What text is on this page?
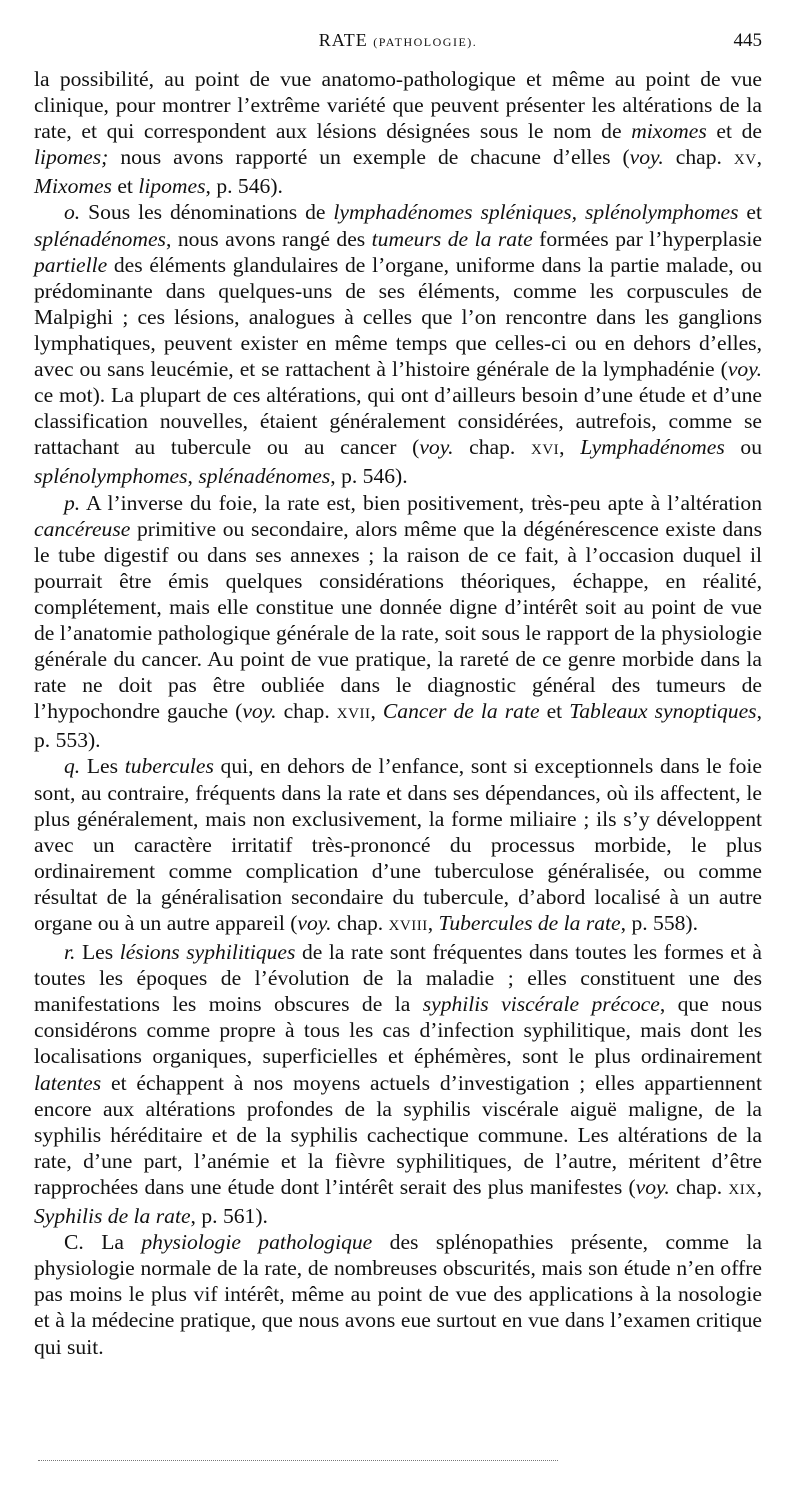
RATE (PATHOLOGIE).	445

la possibilité, au point de vue anatomo-pathologique et même au point de vue clinique, pour montrer l’extrême variété que peuvent présenter les altérations de la rate, et qui correspondent aux lésions désignées sous le nom de mixomes et de lipomes; nous avons rapporté un exemple de chacune d’elles (voy. chap. XV, Mixomes et lipomes, p. 546).

o. Sous les dénominations de lymphadénomes spléniques, splénolymphomes et splénadénomes, nous avons rangé des tumeurs de la rate formées par l’hyperplasie partielle des éléments glandulaires de l’organe, uniforme dans la partie malade, ou prédominante dans quelques-uns de ses éléments, comme les corpuscules de Malpighi ; ces lésions, analogues à celles que l’on rencontre dans les ganglions lymphatiques, peuvent exister en même temps que celles-ci ou en dehors d’elles, avec ou sans leucémie, et se rattachent à l’histoire générale de la lymphadénie (voy. ce mot). La plupart de ces altérations, qui ont d’ailleurs besoin d’une étude et d’une classification nouvelles, étaient généralement considérées, autrefois, comme se rattachant au tubercule ou au cancer (voy. chap. XVI, Lymphadénomes ou splénolymphomes, splénadénomes, p. 546).

p. A l’inverse du foie, la rate est, bien positivement, très-peu apte à l’altération cancéreuse primitive ou secondaire, alors même que la dégénérescence existe dans le tube digestif ou dans ses annexes ; la raison de ce fait, à l’occasion duquel il pourrait être émis quelques considérations théoriques, échappe, en réalité, complétement, mais elle constitue une donnée digne d’intérêt soit au point de vue de l’anatomie pathologique générale de la rate, soit sous le rapport de la physiologie générale du cancer. Au point de vue pratique, la rareté de ce genre morbide dans la rate ne doit pas être oubliée dans le diagnostic général des tumeurs de l’hypochondre gauche (voy. chap. XVII, Cancer de la rate et Tableaux synoptiques, p. 553).

q. Les tubercules qui, en dehors de l’enfance, sont si exceptionnels dans le foie sont, au contraire, fréquents dans la rate et dans ses dépendances, où ils affectent, le plus généralement, mais non exclusivement, la forme miliaire ; ils s’y développent avec un caractère irritatif très-prononcé du processus morbide, le plus ordinairement comme complication d’une tuberculose généralisée, ou comme résultat de la généralisation secondaire du tubercule, d’abord localisé à un autre organe ou à un autre appareil (voy. chap. XVIII, Tubercules de la rate, p. 558).

r. Les lésions syphilitiques de la rate sont fréquentes dans toutes les formes et à toutes les époques de l’évolution de la maladie ; elles constituent une des manifestations les moins obscures de la syphilis viscérale précoce, que nous considérons comme propre à tous les cas d’infection syphilitique, mais dont les localisations organiques, superficielles et éphémères, sont le plus ordinairement latentes et échappent à nos moyens actuels d’investigation ; elles appartiennent encore aux altérations profondes de la syphilis viscérale aiguë maligne, de la syphilis héréditaire et de la syphilis cachectique commune. Les altérations de la rate, d’une part, l’anémie et la fièvre syphilitiques, de l’autre, méritent d’être rapprochées dans une étude dont l’intérêt serait des plus manifestes (voy. chap. XIX, Syphilis de la rate, p. 561).

C. La physiologie pathologique des splénopathies présente, comme la physiologie normale de la rate, de nombreuses obscurités, mais son étude n’en offre pas moins le plus vif intérêt, même au point de vue des applications à la nosologie et à la médecine pratique, que nous avons eue surtout en vue dans l’examen critique qui suit.
